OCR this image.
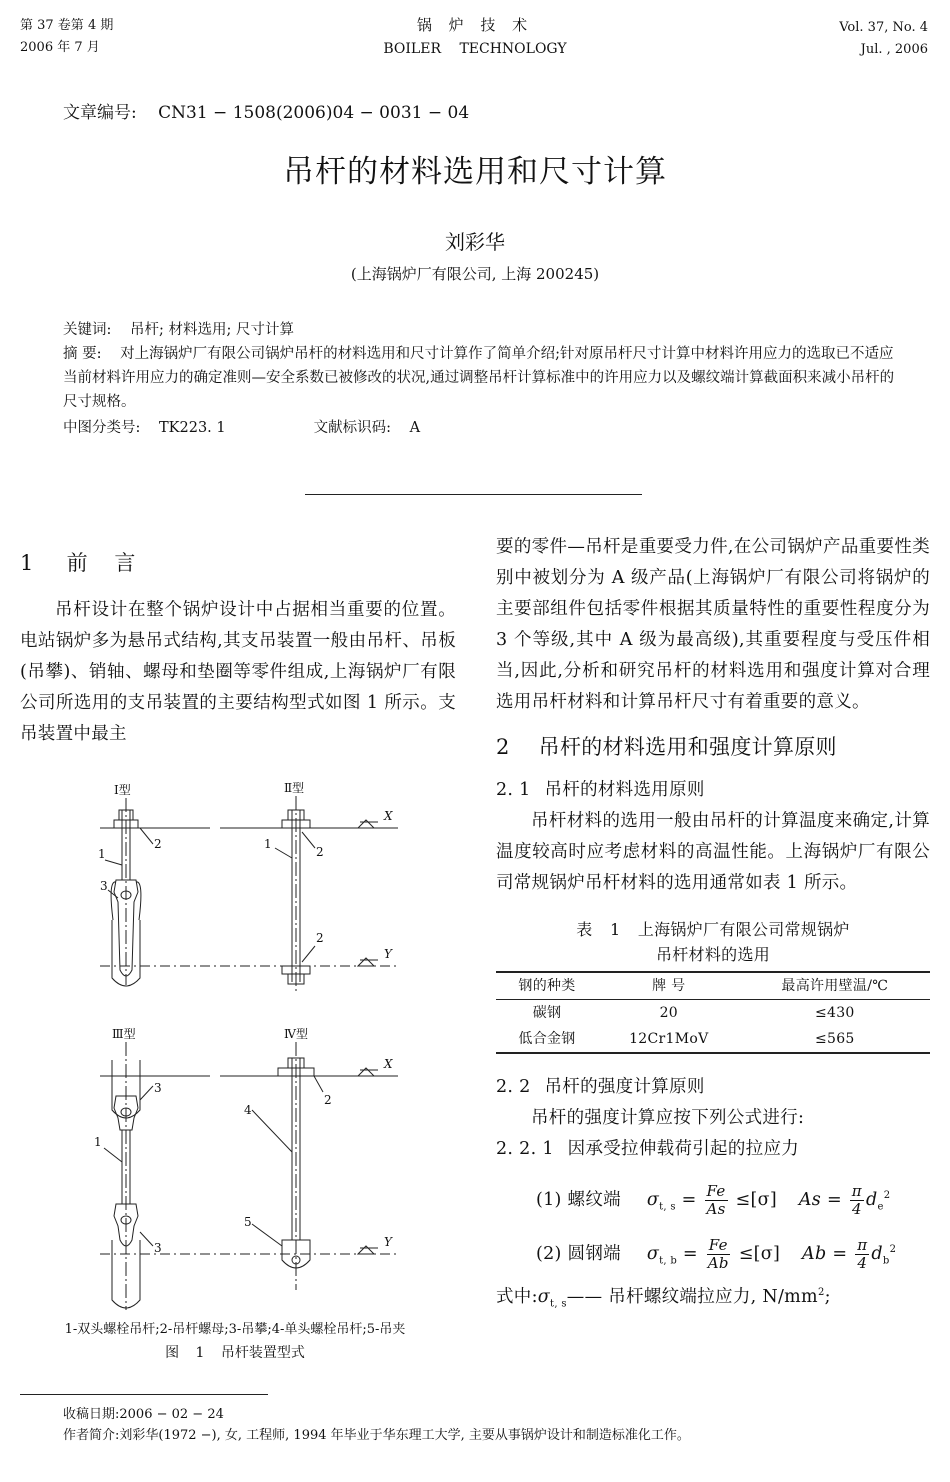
第 37 卷第 4 期
2006 年 7 月
锅 炉 技 术
BOILER TECHNOLOGY
Vol. 37, No. 4
Jul. , 2006
文章编号: CN31 − 1508(2006)04 − 0031 − 04
吊杆的材料选用和尺寸计算
刘彩华
(上海锅炉厂有限公司, 上海 200245)

关键词: 吊杆; 材料选用; 尺寸计算

摘 要: 对上海锅炉厂有限公司锅炉吊杆的材料选用和尺寸计算作了简单介绍;针对原吊杆尺寸计算中材料许用应力的选取已不适应当前材料许用应力的确定准则—安全系数已被修改的状况,通过调整吊杆计算标准中的许用应力以及螺纹端计算截面积来减小吊杆的尺寸规格。

中图分类号: TK223. 1	文献标识码: A

1 前 言

吊杆设计在整个锅炉设计中占据相当重要的位置。电站锅炉多为悬吊式结构,其支吊装置一般由吊杆、吊板(吊攀)、销轴、螺母和垫圈等零件组成,上海锅炉厂有限公司所选用的支吊装置的主要结构型式如图 1 所示。支吊装置中最主

Ⅰ型	Ⅱ型
Ⅲ型	Ⅳ型
X
Y
X
Y
1
2
3
1
2
2
3
1
3
4
2
5
1-双头螺栓吊杆;2-吊杆螺母;3-吊攀;4-单头螺栓吊杆;5-吊夹
图 1 吊杆装置型式

要的零件—吊杆是重要受力件,在公司锅炉产品重要性类别中被划分为 A 级产品(上海锅炉厂有限公司将锅炉的主要部组件包括零件根据其质量特性的重要性程度分为 3 个等级,其中 A 级为最高级),其重要程度与受压件相当,因此,分析和研究吊杆的材料选用和强度计算对合理选用吊杆材料和计算吊杆尺寸有着重要的意义。

2 吊杆的材料选用和强度计算原则
2. 1 吊杆的材料选用原则

吊杆材料的选用一般由吊杆的计算温度来确定,计算温度较高时应考虑材料的高温性能。上海锅炉厂有限公司常规锅炉吊杆材料的选用通常如表 1 所示。

表 1 上海锅炉厂有限公司常规锅炉
吊杆材料的选用
钢的种类	牌 号	最高许用壁温/℃
碳钢	20	≤430
低合金钢	12Cr1MoV	≤565
2. 2 吊杆的强度计算原则

吊杆的强度计算应按下列公式进行:

2. 2. 1 因承受拉伸载荷引起的拉应力
(1) 螺纹端 $\sigma_{t, s} = \frac{Fe}{As} \le[\sigma] As = \frac{\pi}{4} d_e^2$
(2) 圆钢端 $\sigma_{t, b} = \frac{Fe}{Ab} \le[\sigma] Ab = \frac{\pi}{4} d_b^2$
式中$:\sigma_{t, s}——$ 吊杆螺纹端拉应力, $N/mm^2$;
收稿日期:2006 − 02 − 24
作者简介:刘彩华(1972 −), 女, 工程师, 1994 年毕业于华东理工大学, 主要从事锅炉设计和制造标准化工作。
